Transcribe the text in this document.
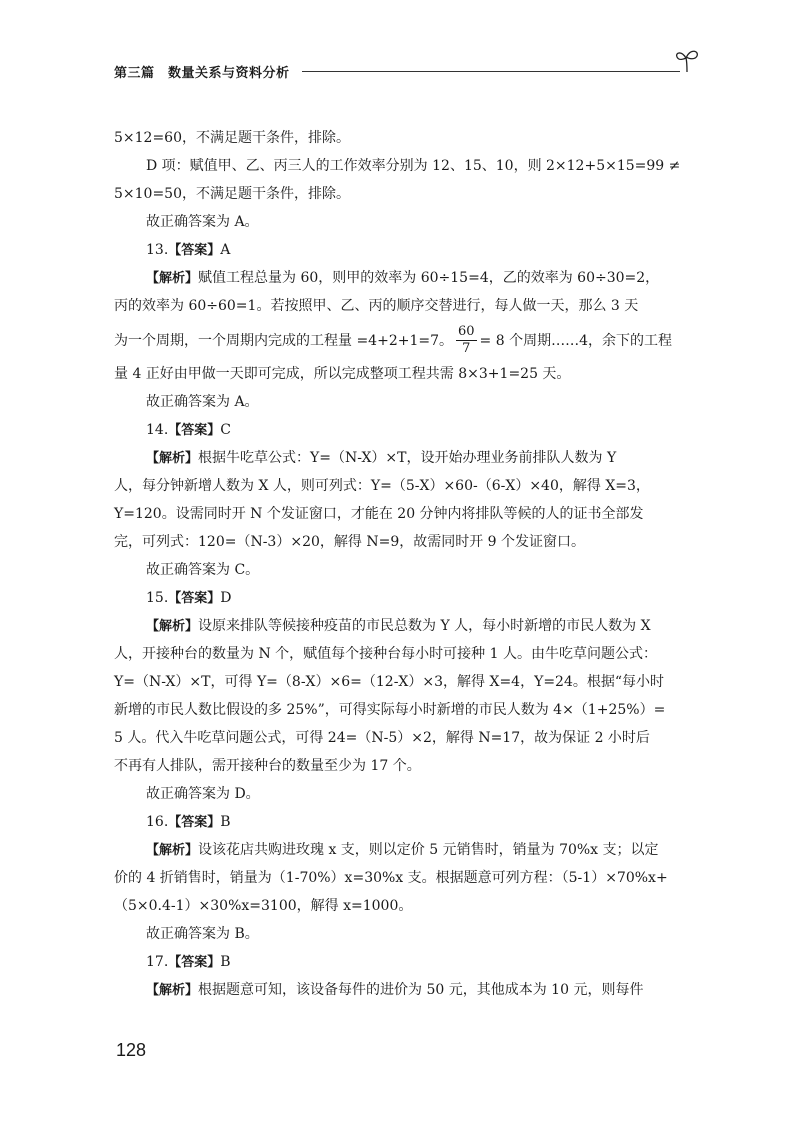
第三篇　数量关系与资料分析
5×12=60，不满足题干条件，排除。
D 项：赋值甲、乙、丙三人的工作效率分别为 12、15、10，则 2×12+5×15=99 ≠
5×10=50，不满足题干条件，排除。
故正确答案为 A。
13.【答案】A
【解析】赋值工程总量为 60，则甲的效率为 60÷15=4，乙的效率为 60÷30=2，
丙的效率为 60÷60=1。若按照甲、乙、丙的顺序交替进行，每人做一天，那么 3 天
为一个周期，一个周期内完成的工程量 =4+2+1=7。 $\frac{60}{7} = 8$ 个周期……4，余下的工程
量 4 正好由甲做一天即可完成，所以完成整项工程共需 8×3+1=25 天。
故正确答案为 A。
14.【答案】C
【解析】根据牛吃草公式：Y=（N-X）×T，设开始办理业务前排队人数为 Y
人，每分钟新增人数为 X 人，则可列式：Y=（5-X）×60-（6-X）×40，解得 X=3，
Y=120。设需同时开 N 个发证窗口，才能在 20 分钟内将排队等候的人的证书全部发
完，可列式：120=（N-3）×20，解得 N=9，故需同时开 9 个发证窗口。
故正确答案为 C。
15.【答案】D
【解析】设原来排队等候接种疫苗的市民总数为 Y 人，每小时新增的市民人数为 X
人，开接种台的数量为 N 个，赋值每个接种台每小时可接种 1 人。由牛吃草问题公式：
Y=（N-X）×T，可得 Y=（8-X）×6=（12-X）×3，解得 X=4，Y=24。根据“每小时
新增的市民人数比假设的多 25%”，可得实际每小时新增的市民人数为 4×（1+25%）=
5 人。代入牛吃草问题公式，可得 24=（N-5）×2，解得 N=17，故为保证 2 小时后
不再有人排队，需开接种台的数量至少为 17 个。
故正确答案为 D。
16.【答案】B
【解析】设该花店共购进玫瑰 x 支，则以定价 5 元销售时，销量为 70%x 支；以定
价的 4 折销售时，销量为（1-70%）x=30%x 支。根据题意可列方程：（5-1）×70%x+
（5×0.4-1）×30%x=3100，解得 x=1000。
故正确答案为 B。
17.【答案】B
【解析】根据题意可知，该设备每件的进价为 50 元，其他成本为 10 元，则每件
128
